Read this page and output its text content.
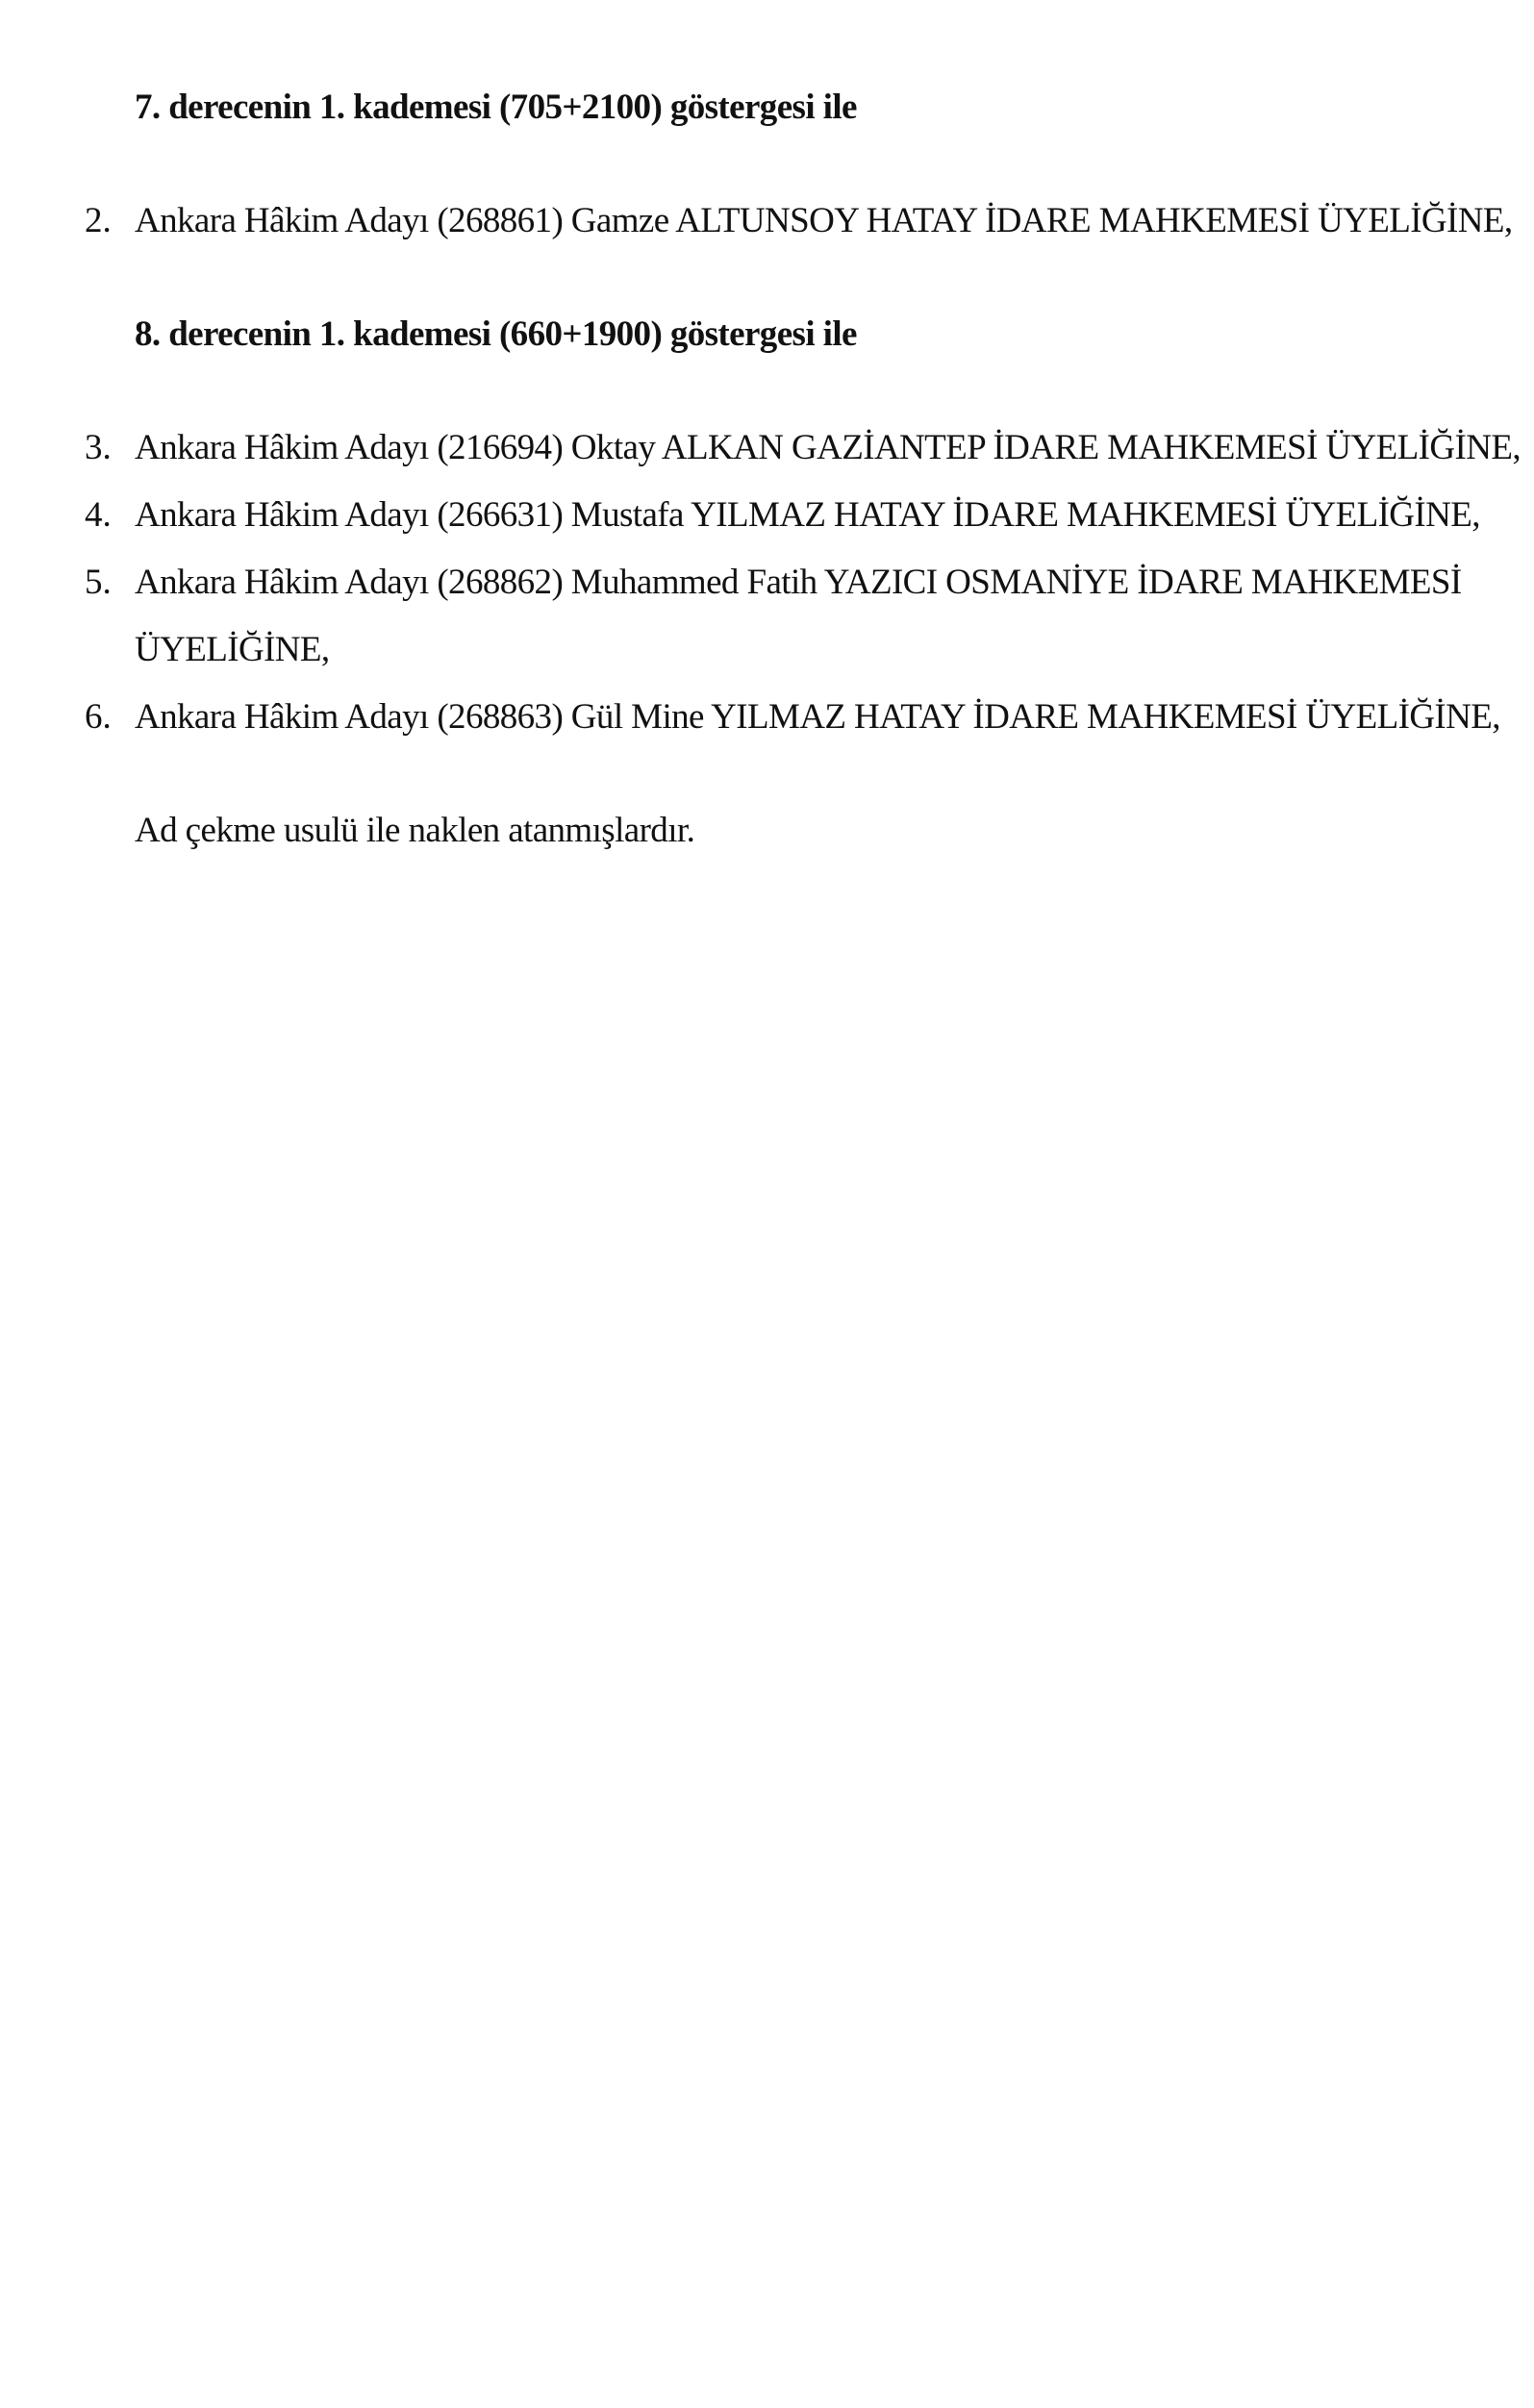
7. derecenin 1. kademesi (705+2100) göstergesi ile
2. Ankara Hâkim Adayı (268861) Gamze ALTUNSOY HATAY İDARE MAHKEMESİ ÜYELİĞİNE,
8. derecenin 1. kademesi (660+1900) göstergesi ile
3. Ankara Hâkim Adayı (216694) Oktay ALKAN GAZİANTEP İDARE MAHKEMESİ ÜYELİĞİNE,
4. Ankara Hâkim Adayı (266631) Mustafa YILMAZ HATAY İDARE MAHKEMESİ ÜYELİĞİNE,
5. Ankara Hâkim Adayı (268862) Muhammed Fatih YAZICI OSMANİYE İDARE MAHKEMESİ
ÜYELİĞİNE,
6. Ankara Hâkim Adayı (268863) Gül Mine YILMAZ HATAY İDARE MAHKEMESİ ÜYELİĞİNE,
Ad çekme usulü ile naklen atanmışlardır.
